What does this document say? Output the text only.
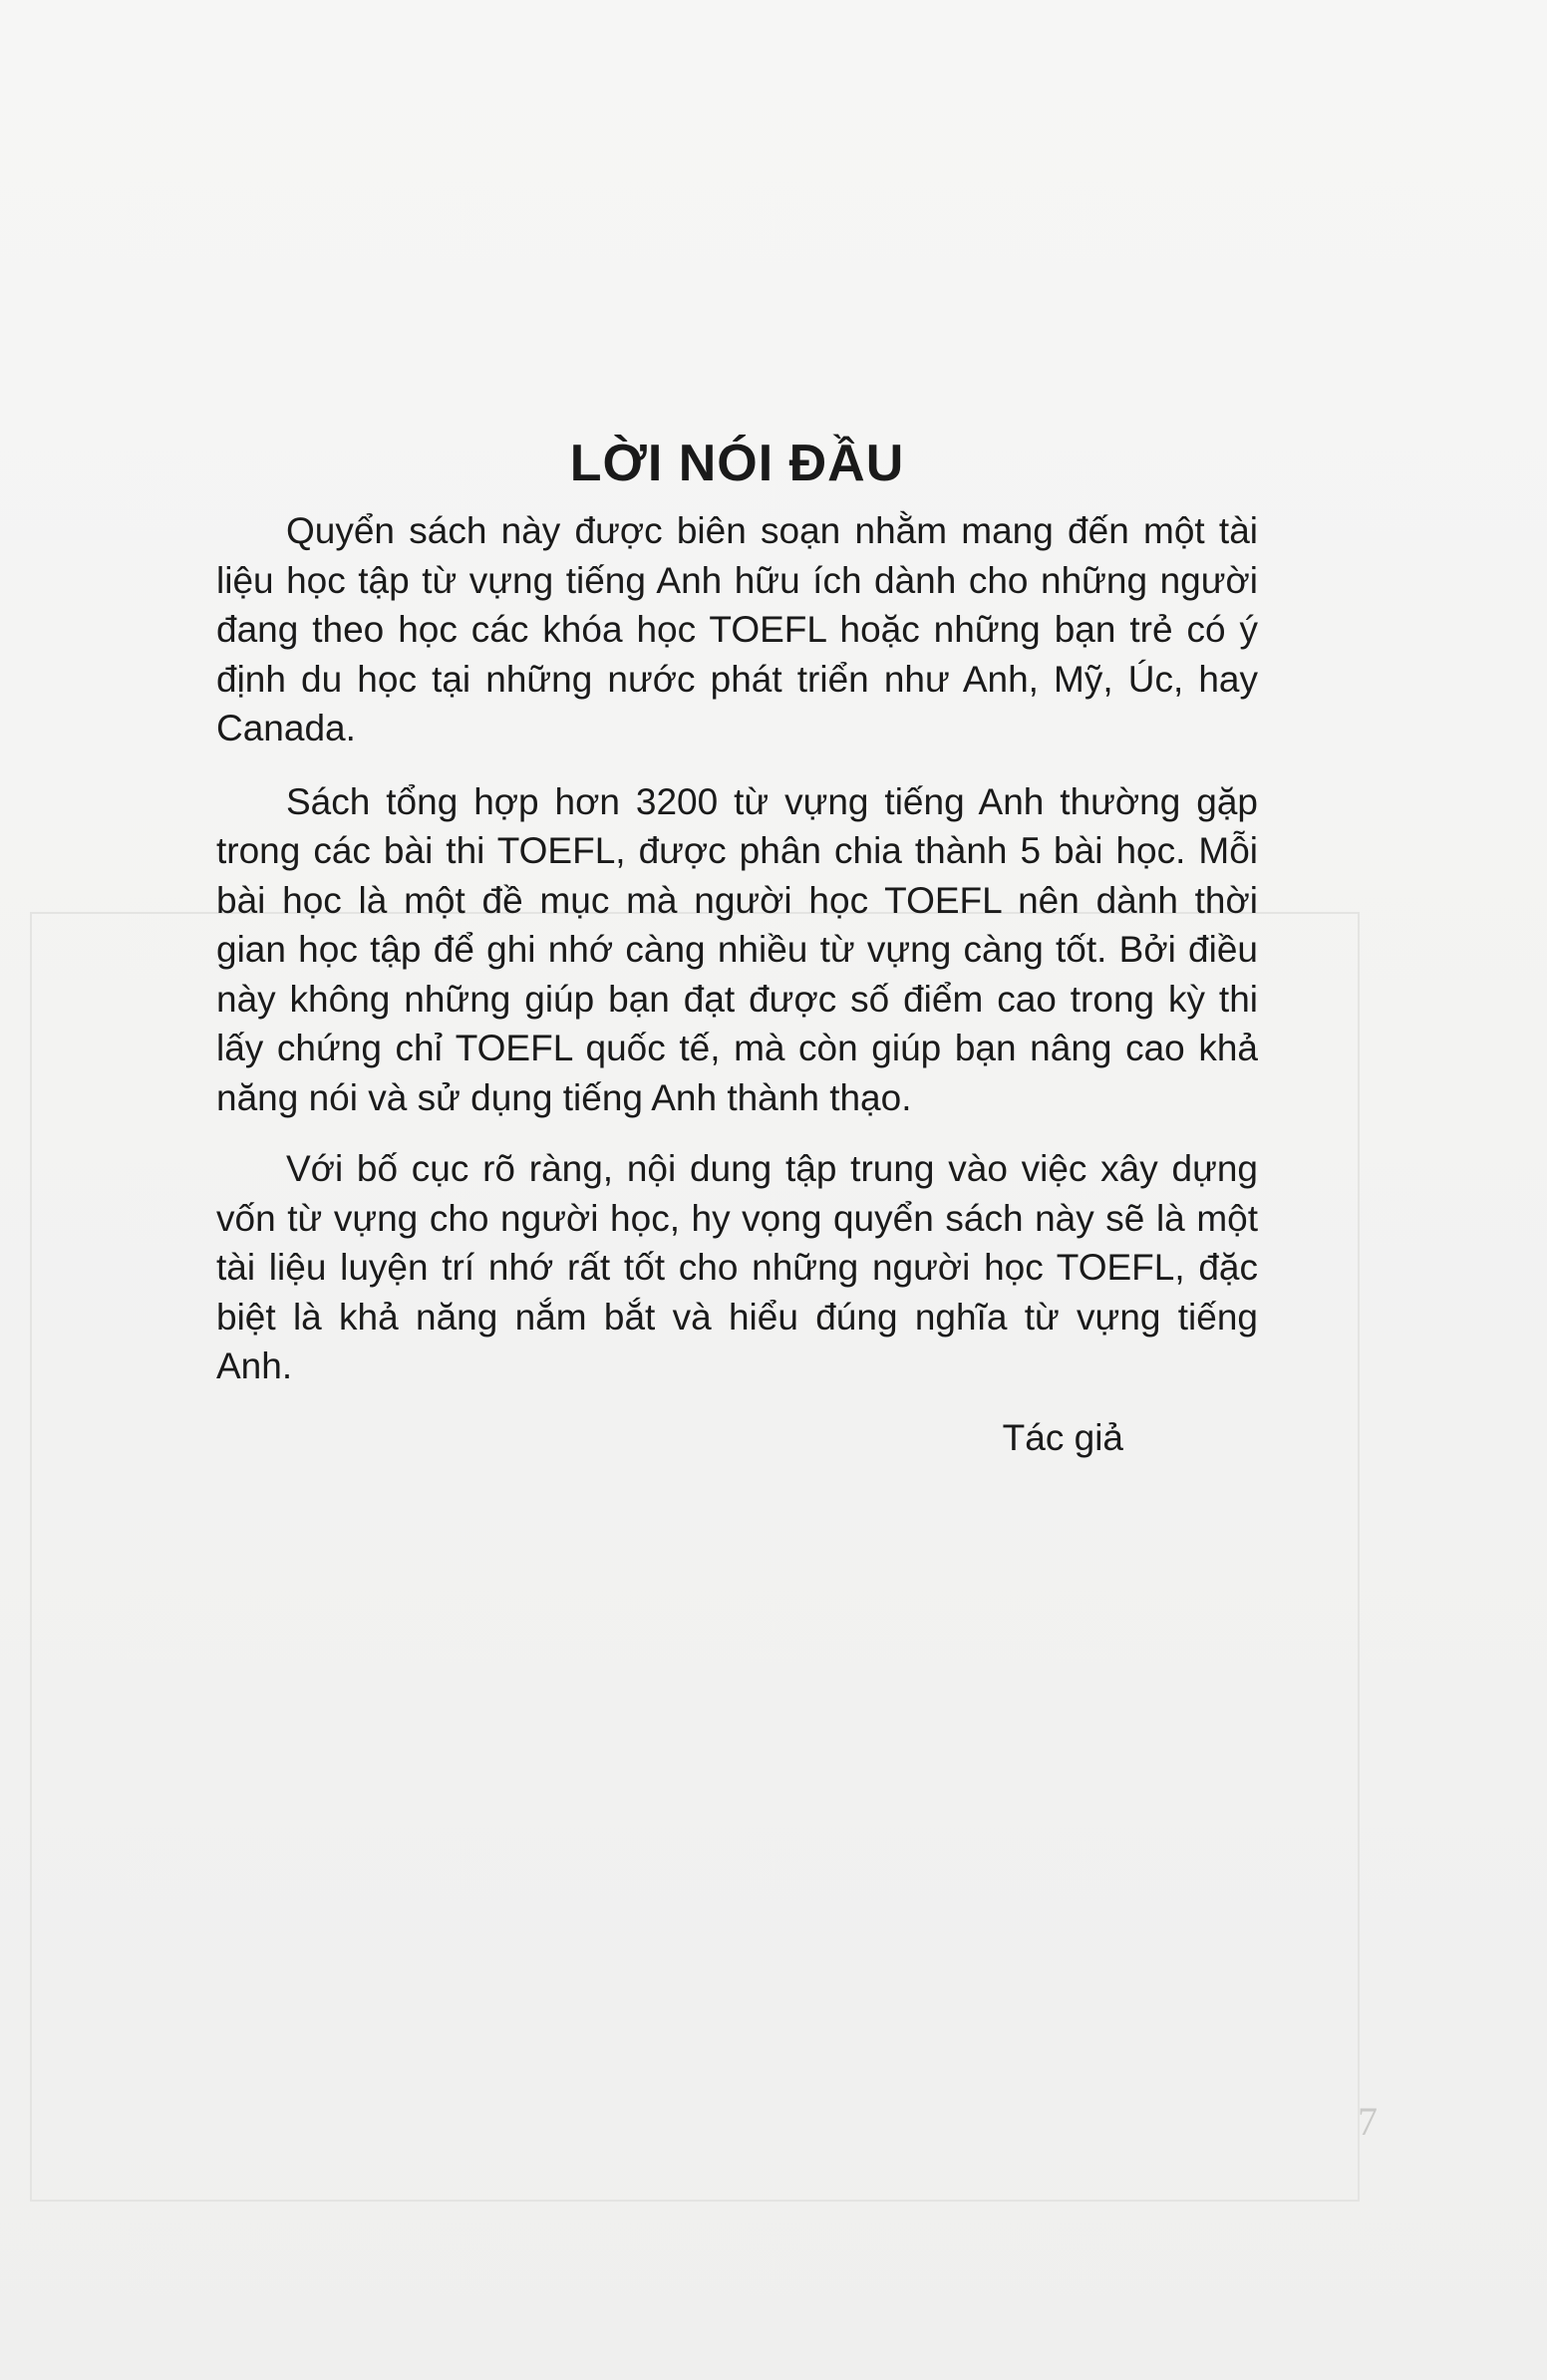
LỜI NÓI ĐẦU

Quyển sách này được biên soạn nhằm mang đến một tài liệu học tập từ vựng tiếng Anh hữu ích dành cho những người đang theo học các khóa học TOEFL hoặc những bạn trẻ có ý định du học tại những nước phát triển như Anh, Mỹ, Úc, hay Canada.

Sách tổng hợp hơn 3200 từ vựng tiếng Anh thường gặp trong các bài thi TOEFL, được phân chia thành 5 bài học. Mỗi bài học là một đề mục mà người học TOEFL nên dành thời gian học tập để ghi nhớ càng nhiều từ vựng càng tốt. Bởi điều này không những giúp bạn đạt được số điểm cao trong kỳ thi lấy chứng chỉ TOEFL quốc tế, mà còn giúp bạn nâng cao khả năng nói và sử dụng tiếng Anh thành thạo.

Với bố cục rõ ràng, nội dung tập trung vào việc xây dựng vốn từ vựng cho người học, hy vọng quyển sách này sẽ là một tài liệu luyện trí nhớ rất tốt cho những người học TOEFL, đặc biệt là khả năng nắm bắt và hiểu đúng nghĩa từ vựng tiếng Anh.

Tác giả
7
